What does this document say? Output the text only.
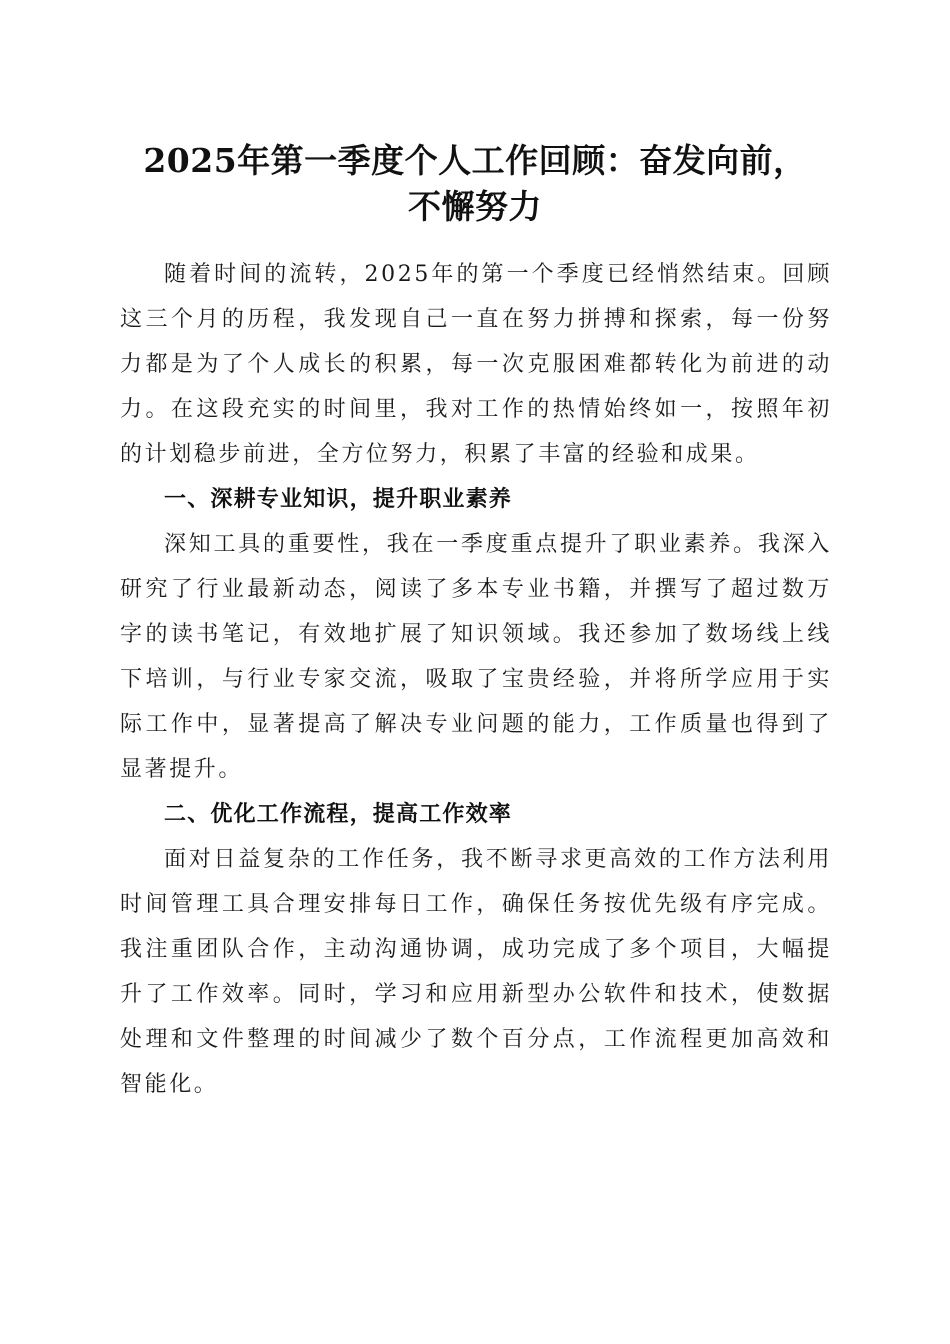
2025年第一季度个人工作回顾：奋发向前，
不懈努力

随着时间的流转，2025年的第一个季度已经悄然结束。回顾这三个月的历程，我发现自己一直在努力拼搏和探索，每一份努力都是为了个人成长的积累，每一次克服困难都转化为前进的动力。在这段充实的时间里，我对工作的热情始终如一，按照年初的计划稳步前进，全方位努力，积累了丰富的经验和成果。

一、深耕专业知识，提升职业素养

深知工具的重要性，我在一季度重点提升了职业素养。我深入研究了行业最新动态，阅读了多本专业书籍，并撰写了超过数万字的读书笔记，有效地扩展了知识领域。我还参加了数场线上线下培训，与行业专家交流，吸取了宝贵经验，并将所学应用于实际工作中，显著提高了解决专业问题的能力，工作质量也得到了显著提升。

二、优化工作流程，提高工作效率

面对日益复杂的工作任务，我不断寻求更高效的工作方法利用时间管理工具合理安排每日工作，确保任务按优先级有序完成。我注重团队合作，主动沟通协调，成功完成了多个项目，大幅提升了工作效率。同时，学习和应用新型办公软件和技术，使数据处理和文件整理的时间减少了数个百分点，工作流程更加高效和智能化。
